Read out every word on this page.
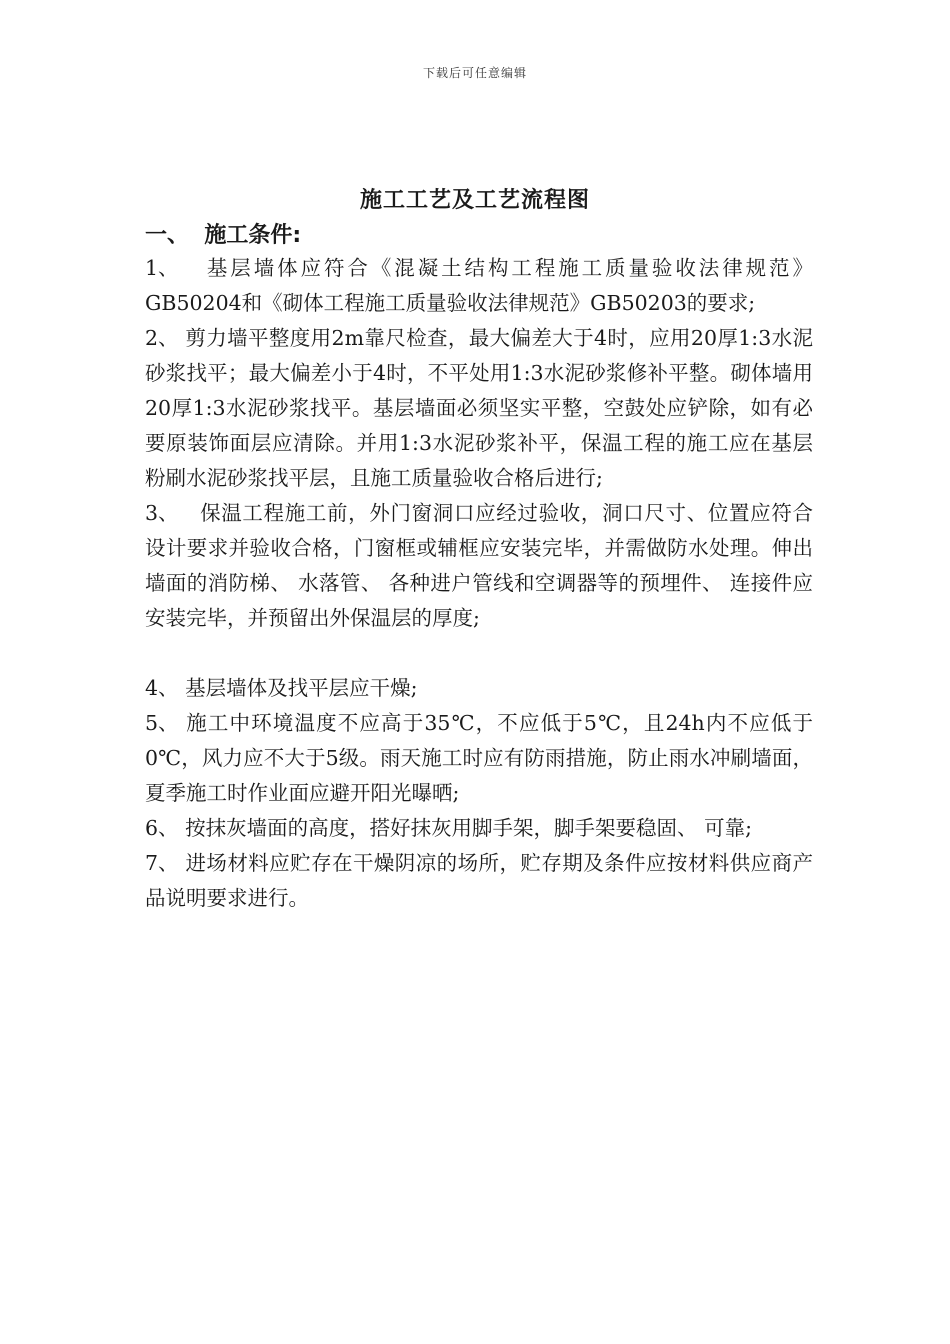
下载后可任意编辑
施工工艺及工艺流程图
一、  施工条件:

1、   基层墙体应符合《混凝土结构工程施工质量验收法律规范》GB50204和《砌体工程施工质量验收法律规范》GB50203的要求;

2、 剪力墙平整度用2m靠尺检查，最大偏差大于4时，应用20厚1:3水泥砂浆找平；最大偏差小于4时，不平处用1:3水泥砂浆修补平整。砌体墙用20厚1:3水泥砂浆找平。基层墙面必须坚实平整，空鼓处应铲除，如有必要原装饰面层应清除。并用1:3水泥砂浆补平，保温工程的施工应在基层粉刷水泥砂浆找平层，且施工质量验收合格后进行;

3、   保温工程施工前，外门窗洞口应经过验收，洞口尺寸、位置应符合设计要求并验收合格，门窗框或辅框应安装完毕，并需做防水处理。伸出墙面的消防梯、 水落管、 各种进户管线和空调器等的预埋件、 连接件应安装完毕，并预留出外保温层的厚度;

4、 基层墙体及找平层应干燥;

5、 施工中环境温度不应高于35℃，不应低于5℃，且24h内不应低于0℃，风力应不大于5级。雨天施工时应有防雨措施，防止雨水冲刷墙面，夏季施工时作业面应避开阳光曝晒;

6、 按抹灰墙面的高度，搭好抹灰用脚手架，脚手架要稳固、 可靠;

7、 进场材料应贮存在干燥阴凉的场所，贮存期及条件应按材料供应商产品说明要求进行。
